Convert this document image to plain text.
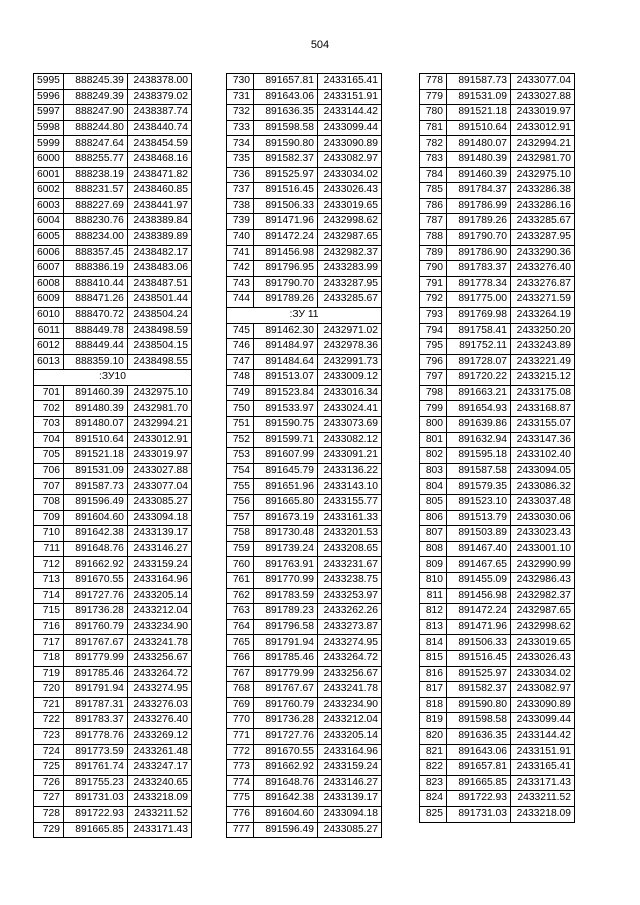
504
5995	888245.39	2438378.00
5996	888249.39	2438379.02
5997	888247.90	2438387.74
5998	888244.80	2438440.74
5999	888247.64	2438454.59
6000	888255.77	2438468.16
6001	888238.19	2438471.82
6002	888231.57	2438460.85
6003	888227.69	2438441.97
6004	888230.76	2438389.84
6005	888234.00	2438389.89
6006	888357.45	2438482.17
6007	888386.19	2438483.06
6008	888410.44	2438487.51
6009	888471.26	2438501.44
6010	888470.72	2438504.24
6011	888449.78	2438498.59
6012	888449.44	2438504.15
6013	888359.10	2438498.55
:ЗУ10		
701	891460.39	2432975.10
702	891480.39	2432981.70
703	891480.07	2432994.21
704	891510.64	2433012.91
705	891521.18	2433019.97
706	891531.09	2433027.88
707	891587.73	2433077.04
708	891596.49	2433085.27
709	891604.60	2433094.18
710	891642.38	2433139.17
711	891648.76	2433146.27
712	891662.92	2433159.24
713	891670.55	2433164.96
714	891727.76	2433205.14
715	891736.28	2433212.04
716	891760.79	2433234.90
717	891767.67	2433241.78
718	891779.99	2433256.67
719	891785.46	2433264.72
720	891791.94	2433274.95
721	891787.31	2433276.03
722	891783.37	2433276.40
723	891778.76	2433269.12
724	891773.59	2433261.48
725	891761.74	2433247.17
726	891755.23	2433240.65
727	891731.03	2433218.09
728	891722.93	2433211.52
729	891665.85	2433171.43
730	891657.81	2433165.41
731	891643.06	2433151.91
732	891636.35	2433144.42
733	891598.58	2433099.44
734	891590.80	2433090.89
735	891582.37	2433082.97
736	891525.97	2433034.02
737	891516.45	2433026.43
738	891506.33	2433019.65
739	891471.96	2432998.62
740	891472.24	2432987.65
741	891456.98	2432982.37
742	891796.95	2433283.99
743	891790.70	2433287.95
744	891789.26	2433285.67
:ЗУ 11		
745	891462.30	2432971.02
746	891484.97	2432978.36
747	891484.64	2432991.73
748	891513.07	2433009.12
749	891523.84	2433016.34
750	891533.97	2433024.41
751	891590.75	2433073.69
752	891599.71	2433082.12
753	891607.99	2433091.21
754	891645.79	2433136.22
755	891651.96	2433143.10
756	891665.80	2433155.77
757	891673.19	2433161.33
758	891730.48	2433201.53
759	891739.24	2433208.65
760	891763.91	2433231.67
761	891770.99	2433238.75
762	891783.59	2433253.97
763	891789.23	2433262.26
764	891796.58	2433273.87
765	891791.94	2433274.95
766	891785.46	2433264.72
767	891779.99	2433256.67
768	891767.67	2433241.78
769	891760.79	2433234.90
770	891736.28	2433212.04
771	891727.76	2433205.14
772	891670.55	2433164.96
773	891662.92	2433159.24
774	891648.76	2433146.27
775	891642.38	2433139.17
776	891604.60	2433094.18
777	891596.49	2433085.27
778	891587.73	2433077.04
779	891531.09	2433027.88
780	891521.18	2433019.97
781	891510.64	2433012.91
782	891480.07	2432994.21
783	891480.39	2432981.70
784	891460.39	2432975.10
785	891784.37	2433286.38
786	891786.99	2433286.16
787	891789.26	2433285.67
788	891790.70	2433287.95
789	891786.90	2433290.36
790	891783.37	2433276.40
791	891778.34	2433276.87
792	891775.00	2433271.59
793	891769.98	2433264.19
794	891758.41	2433250.20
795	891752.11	2433243.89
796	891728.07	2433221.49
797	891720.22	2433215.12
798	891663.21	2433175.08
799	891654.93	2433168.87
800	891639.86	2433155.07
801	891632.94	2433147.36
802	891595.18	2433102.40
803	891587.58	2433094.05
804	891579.35	2433086.32
805	891523.10	2433037.48
806	891513.79	2433030.06
807	891503.89	2433023.43
808	891467.40	2433001.10
809	891467.65	2432990.99
810	891455.09	2432986.43
811	891456.98	2432982.37
812	891472.24	2432987.65
813	891471.96	2432998.62
814	891506.33	2433019.65
815	891516.45	2433026.43
816	891525.97	2433034.02
817	891582.37	2433082.97
818	891590.80	2433090.89
819	891598.58	2433099.44
820	891636.35	2433144.42
821	891643.06	2433151.91
822	891657.81	2433165.41
823	891665.85	2433171.43
824	891722.93	2433211.52
825	891731.03	2433218.09
